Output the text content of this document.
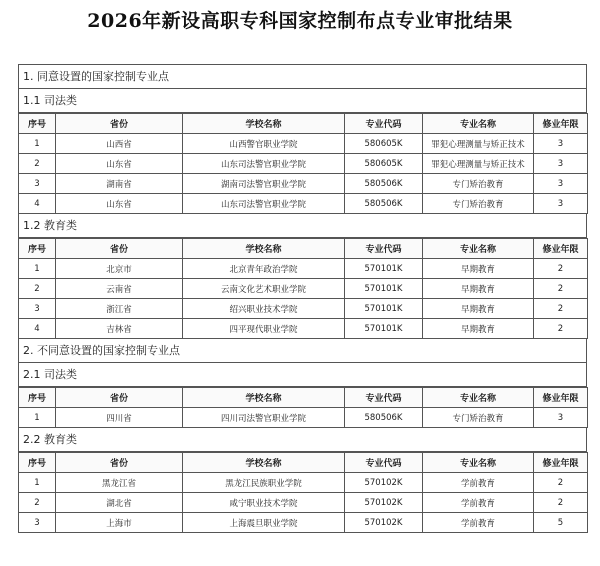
2026年新设高职专科国家控制布点专业审批结果
1. 同意设置的国家控制专业点
1.1 司法类
序号	省份	学校名称	专业代码	专业名称	修业年限
1	山西省	山西警官职业学院	580605K	罪犯心理测量与矫正技术	3
2	山东省	山东司法警官职业学院	580605K	罪犯心理测量与矫正技术	3
3	湖南省	湖南司法警官职业学院	580506K	专门矫治教育	3
4	山东省	山东司法警官职业学院	580506K	专门矫治教育	3
1.2 教育类
序号	省份	学校名称	专业代码	专业名称	修业年限
1	北京市	北京青年政治学院	570101K	早期教育	2
2	云南省	云南文化艺术职业学院	570101K	早期教育	2
3	浙江省	绍兴职业技术学院	570101K	早期教育	2
4	吉林省	四平现代职业学院	570101K	早期教育	2
2. 不同意设置的国家控制专业点
2.1 司法类
序号	省份	学校名称	专业代码	专业名称	修业年限
1	四川省	四川司法警官职业学院	580506K	专门矫治教育	3
2.2 教育类
序号	省份	学校名称	专业代码	专业名称	修业年限
1	黑龙江省	黑龙江民族职业学院	570102K	学前教育	2
2	湖北省	咸宁职业技术学院	570102K	学前教育	2
3	上海市	上海震旦职业学院	570102K	学前教育	5
